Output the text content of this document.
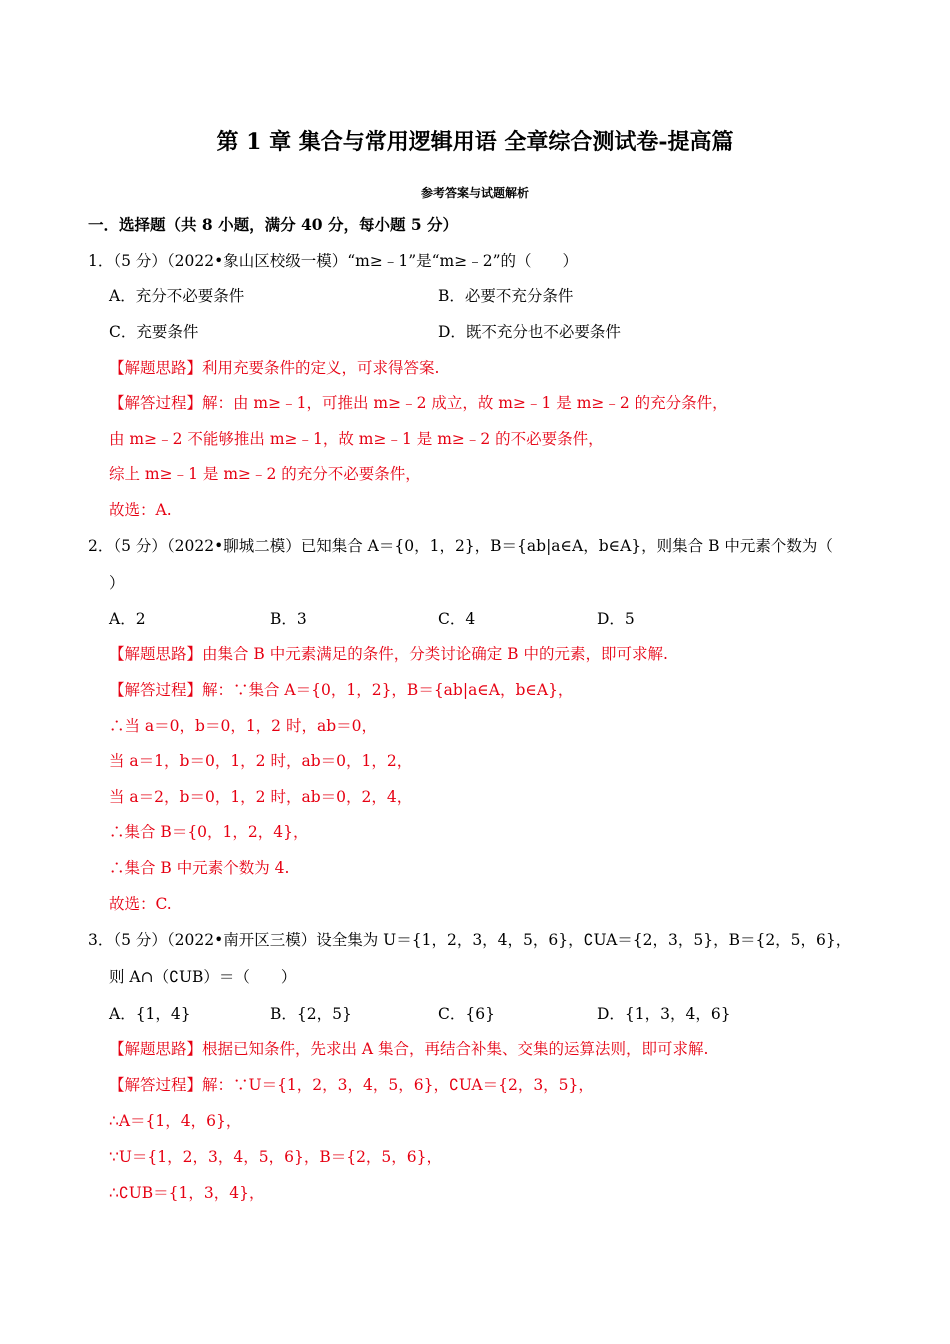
第 1 章 集合与常用逻辑用语 全章综合测试卷-提高篇
参考答案与试题解析
一．选择题（共 8 小题，满分 40 分，每小题 5 分）
1．（5 分）（2022•象山区校级一模）“m≥﹣1”是“m≥﹣2”的（　　）
A．充分不必要条件	B．必要不充分条件
C．充要条件	D．既不充分也不必要条件
【解题思路】利用充要条件的定义，可求得答案.
【解答过程】解：由 m≥﹣1，可推出 m≥﹣2 成立，故 m≥﹣1 是 m≥﹣2 的充分条件，
由 m≥﹣2 不能够推出 m≥﹣1，故 m≥﹣1 是 m≥﹣2 的不必要条件，
综上 m≥﹣1 是 m≥﹣2 的充分不必要条件，
故选：A.
2．（5 分）（2022•聊城二模）已知集合 A＝{0，1，2}，B＝{ab|a∈A，b∈A}，则集合 B 中元素个数为（
）
A．2	B．3	C．4	D．5
【解题思路】由集合 B 中元素满足的条件，分类讨论确定 B 中的元素，即可求解.
【解答过程】解：∵集合 A＝{0，1，2}，B＝{ab|a∈A，b∈A}，
∴当 a＝0，b＝0，1，2 时，ab＝0，
当 a＝1，b＝0，1，2 时，ab＝0，1，2，
当 a＝2，b＝0，1，2 时，ab＝0，2，4，
∴集合 B＝{0，1，2，4}，
∴集合 B 中元素个数为 4.
故选：C.
3．（5 分）（2022•南开区三模）设全集为 U＝{1，2，3，4，5，6}，∁UA＝{2，3，5}，B＝{2，5，6}，
则 A∩（∁UB）＝（　　）
A．{1，4}	B．{2，5}	C．{6}	D．{1，3，4，6}
【解题思路】根据已知条件，先求出 A 集合，再结合补集、交集的运算法则，即可求解.
【解答过程】解：∵U＝{1，2，3，4，5，6}，∁UA＝{2，3，5}，
∴A＝{1，4，6}，
∵U＝{1，2，3，4，5，6}，B＝{2，5，6}，
∴∁UB＝{1，3，4}，
